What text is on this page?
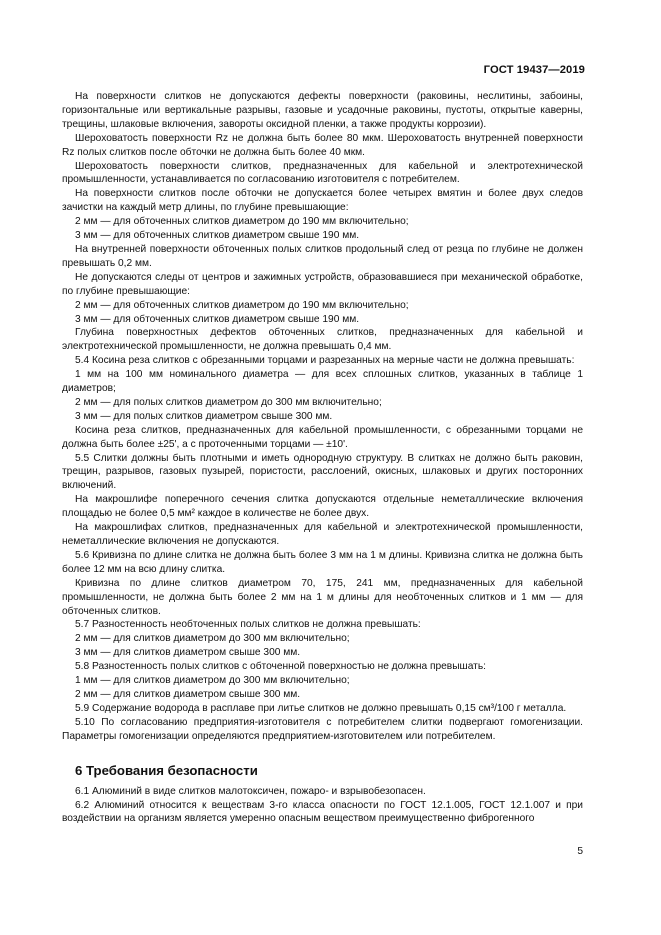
ГОСТ 19437—2019

На поверхности слитков не допускаются дефекты поверхности (раковины, неслитины, забоины, горизонтальные или вертикальные разрывы, газовые и усадочные раковины, пустоты, открытые каверны, трещины, шлаковые включения, завороты оксидной пленки, а также продукты коррозии).

Шероховатость поверхности Rz не должна быть более 80 мкм. Шероховатость внутренней поверхности Rz полых слитков после обточки не должна быть более 40 мкм.

Шероховатость поверхности слитков, предназначенных для кабельной и электротехнической промышленности, устанавливается по согласованию изготовителя с потребителем.

На поверхности слитков после обточки не допускается более четырех вмятин и более двух следов зачистки на каждый метр длины, по глубине превышающие:

2 мм — для обточенных слитков диаметром до 190 мм включительно;

3 мм — для обточенных слитков диаметром свыше 190 мм.

На внутренней поверхности обточенных полых слитков продольный след от резца по глубине не должен превышать 0,2 мм.

Не допускаются следы от центров и зажимных устройств, образовавшиеся при механической обработке, по глубине превышающие:

2 мм — для обточенных слитков диаметром до 190 мм включительно;

3 мм — для обточенных слитков диаметром свыше 190 мм.

Глубина поверхностных дефектов обточенных слитков, предназначенных для кабельной и электротехнической промышленности, не должна превышать 0,4 мм.

5.4 Косина реза слитков с обрезанными торцами и разрезанных на мерные части не должна превышать:

1 мм на 100 мм номинального диаметра — для всех сплошных слитков, указанных в таблице 1 диаметров;

2 мм — для полых слитков диаметром до 300 мм включительно;

3 мм — для полых слитков диаметром свыше 300 мм.

Косина реза слитков, предназначенных для кабельной промышленности, с обрезанными торцами не должна быть более ±25', а с проточенными торцами — ±10'.

5.5 Слитки должны быть плотными и иметь однородную структуру. В слитках не должно быть раковин, трещин, разрывов, газовых пузырей, пористости, расслоений, окисных, шлаковых и других посторонних включений.

На макрошлифе поперечного сечения слитка допускаются отдельные неметаллические включения площадью не более 0,5 мм² каждое в количестве не более двух.

На макрошлифах слитков, предназначенных для кабельной и электротехнической промышленности, неметаллические включения не допускаются.

5.6 Кривизна по длине слитка не должна быть более 3 мм на 1 м длины. Кривизна слитка не должна быть более 12 мм на всю длину слитка.

Кривизна по длине слитков диаметром 70, 175, 241 мм, предназначенных для кабельной промышленности, не должна быть более 2 мм на 1 м длины для необточенных слитков и 1 мм — для обточенных слитков.

5.7 Разностенность необточенных полых слитков не должна превышать:

2 мм — для слитков диаметром до 300 мм включительно;

3 мм — для слитков диаметром свыше 300 мм.

5.8 Разностенность полых слитков с обточенной поверхностью не должна превышать:

1 мм — для слитков диаметром до 300 мм включительно;

2 мм — для слитков диаметром свыше 300 мм.

5.9 Содержание водорода в расплаве при литье слитков не должно превышать 0,15 см³/100 г металла.

5.10 По согласованию предприятия-изготовителя с потребителем слитки подвергают гомогенизации. Параметры гомогенизации определяются предприятием-изготовителем или потребителем.

6 Требования безопасности

6.1 Алюминий в виде слитков малотоксичен, пожаро- и взрывобезопасен.

6.2 Алюминий относится к веществам 3-го класса опасности по ГОСТ 12.1.005, ГОСТ 12.1.007 и при воздействии на организм является умеренно опасным веществом преимущественно фиброгенного

5
